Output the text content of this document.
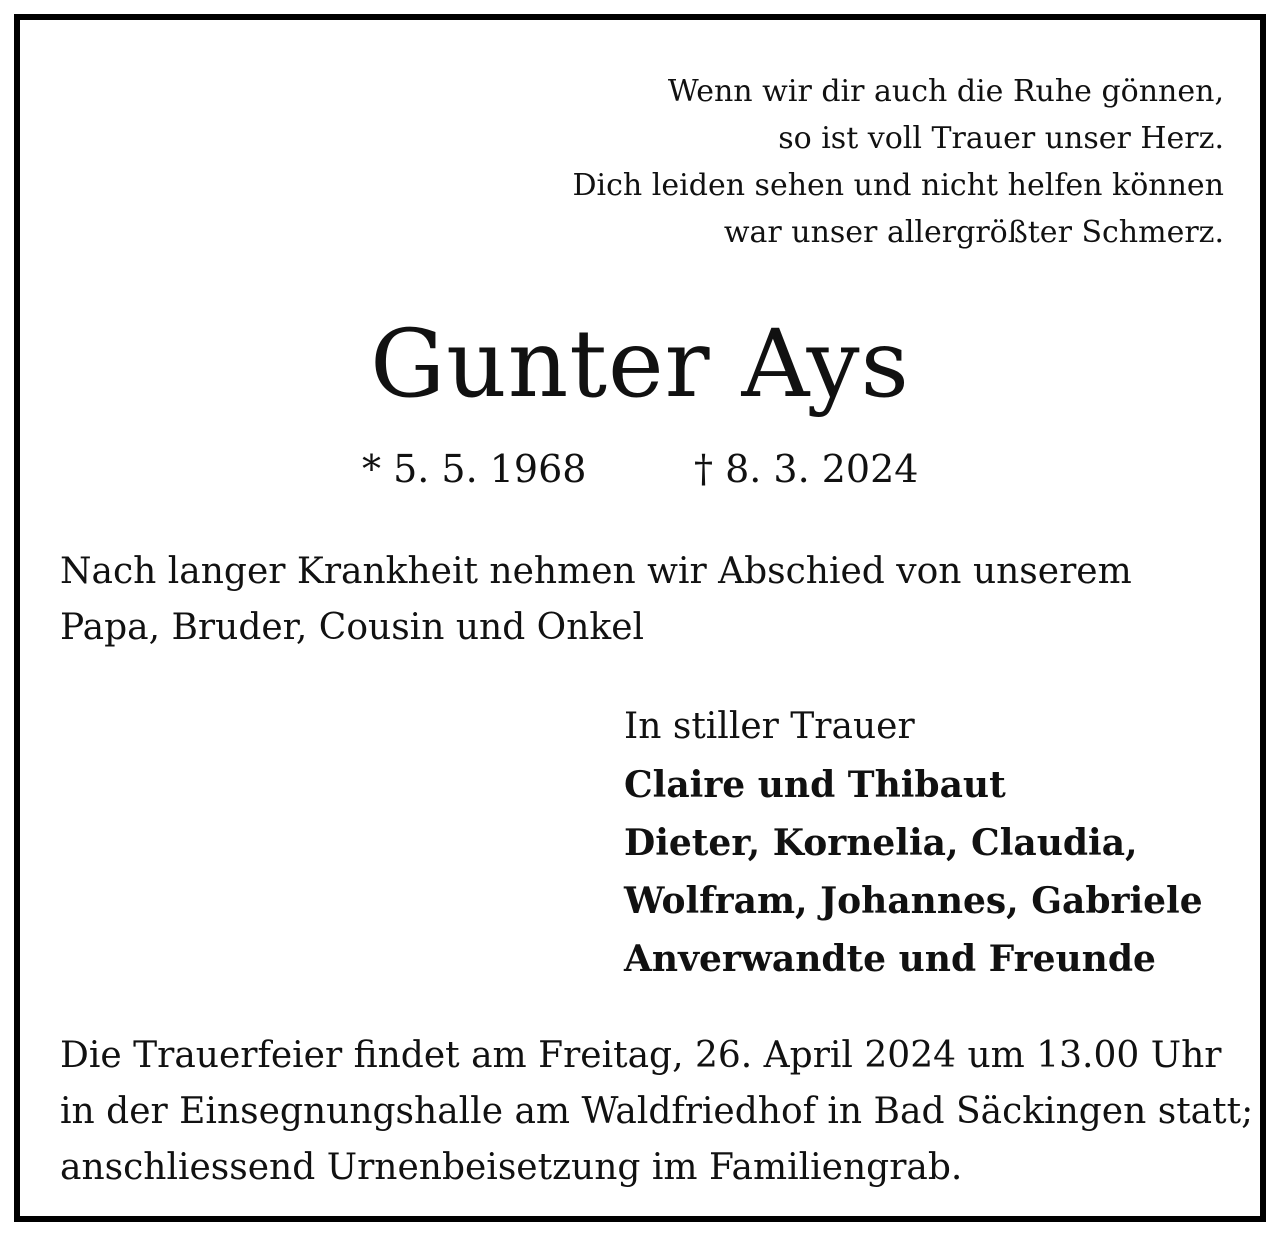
Wenn wir dir auch die Ruhe gönnen,
so ist voll Trauer unser Herz.
Dich leiden sehen und nicht helfen können
war unser allergrößter Schmerz.
Gunter Ays
* 5. 5. 1968	† 8. 3. 2024
Nach langer Krankheit nehmen wir Abschied von unserem Papa, Bruder, Cousin und Onkel
In stiller Trauer
Claire und Thibaut
Dieter, Kornelia, Claudia,
Wolfram, Johannes, Gabriele
Anverwandte und Freunde
Die Trauerfeier findet am Freitag, 26. April 2024 um 13.00 Uhr
in der Einsegnungshalle am Waldfriedhof in Bad Säckingen statt;
anschliessend Urnenbeisetzung im Familiengrab.
